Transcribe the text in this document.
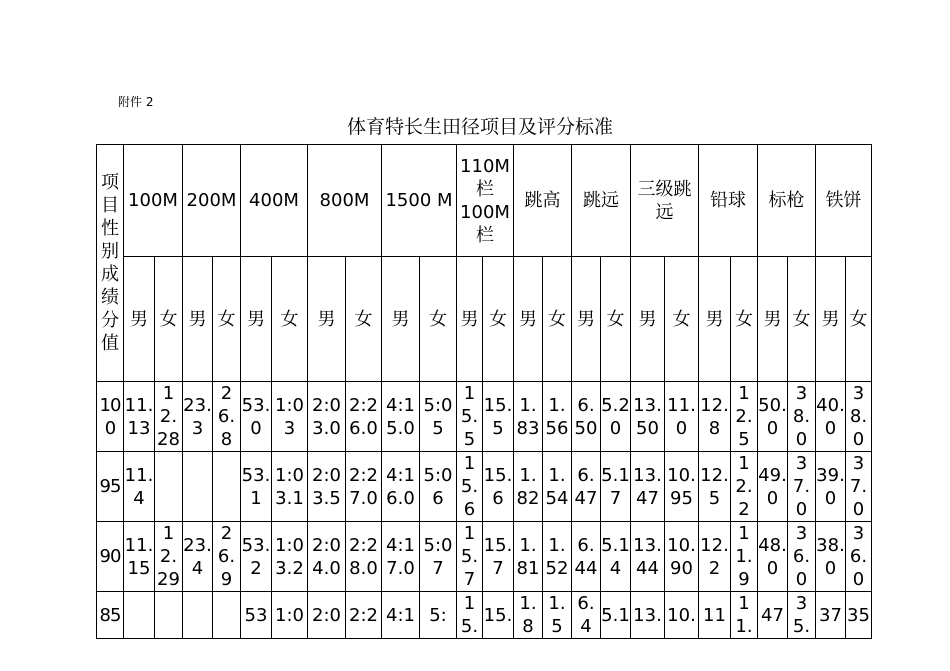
附件 2
体育特长生田径项目及评分标准
项目性别成绩分值	100M		200M		400M		800M		1500 M		110M 栏 100M 栏		跳高		跳远		三级跳远		铅球		标枪		铁饼	
	男	女	男	女	男	女	男	女	男	女	男	女	男	女	男	女	男	女	男	女	男	女	男	女
100	11.13	12.28	23.3	26.8	53.0	1:03	2:03.0	2:26.0	4:15.0	5:05	15.5	15.5	1.83	1.56	6.50	5.20	13.50	11.0	12.8	12.5	50.0	38.0	40.0	38.0
95	11.4				53.1	1:03.1	2:03.5	2:27.0	4:16.0	5:06	15.6	15.6	1.82	1.54	6.47	5.17	13.47	10.95	12.5	12.2	49.0	37.0	39.0	37.0
90	11.15	12.29	23.4	26.9	53.2	1:03.2	2:04.0	2:28.0	4:17.0	5:07	15.7	15.7	1.81	1.52	6.44	5.14	13.44	10.90	12.2	11.9	48.0	36.0	38.0	36.0
85					53	1:0	2:0	2:2	4:1	5:	15.	15.	1.8	1.5	6.4	5.1	13.	10.	11	11.	47	35.	37	35
